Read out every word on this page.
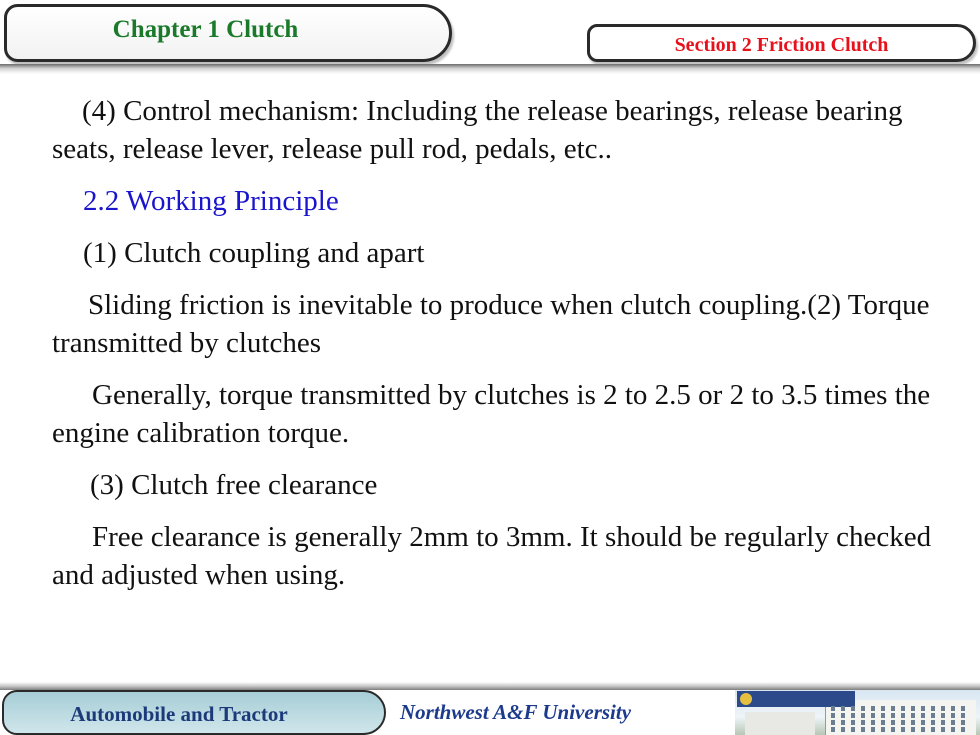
Chapter 1 Clutch
Section 2 Friction Clutch

(4) Control mechanism: Including the release bearings, release bearing seats, release lever, release pull rod, pedals, etc..

2.2 Working Principle

(1) Clutch coupling and apart

Sliding friction is inevitable to produce when clutch coupling.(2) Torque transmitted by clutches

Generally, torque transmitted by clutches is 2 to 2.5 or 2 to 3.5 times the engine calibration torque.

(3) Clutch free clearance

Free clearance is generally 2mm to 3mm. It should be regularly checked and adjusted when using.

Automobile and Tractor	Northwest A&F University
